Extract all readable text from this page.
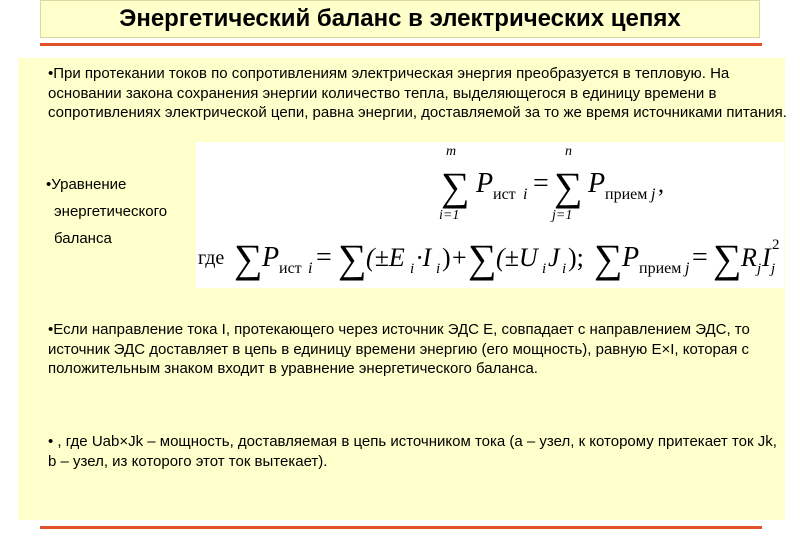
Энергетический баланс в электрических цепях
•При протекании токов по сопротивлениям электрическая энергия преобразуется в тепловую. На основании закона сохранения энергии количество тепла, выделяющегося в единицу времени в сопротивлениях электрической цепи, равна энергии, доставляемой за то же время источниками питания.
•Уравнение
энергетического
баланса
•Если направление тока I, протекающего через источник ЭДС E, совпадает с направлением ЭДС, то источник ЭДС доставляет в цепь в единицу времени энергию (его мощность), равную E×I, которая с положительным знаком входит в уравнение энергетического баланса.
• , где Uab×Jk – мощность, доставляемая в цепь источником тока (a – узел, к которому притекает ток Jk, b – узел, из которого этот ток вытекает).
m
∑
i=1
P ист i =
n
∑
j=1
P прием j ,
где ∑ P ист i = ∑ (±E i ·I i ) + ∑ (±U i J i ); ∑ P прием j = ∑ R j I j
2
